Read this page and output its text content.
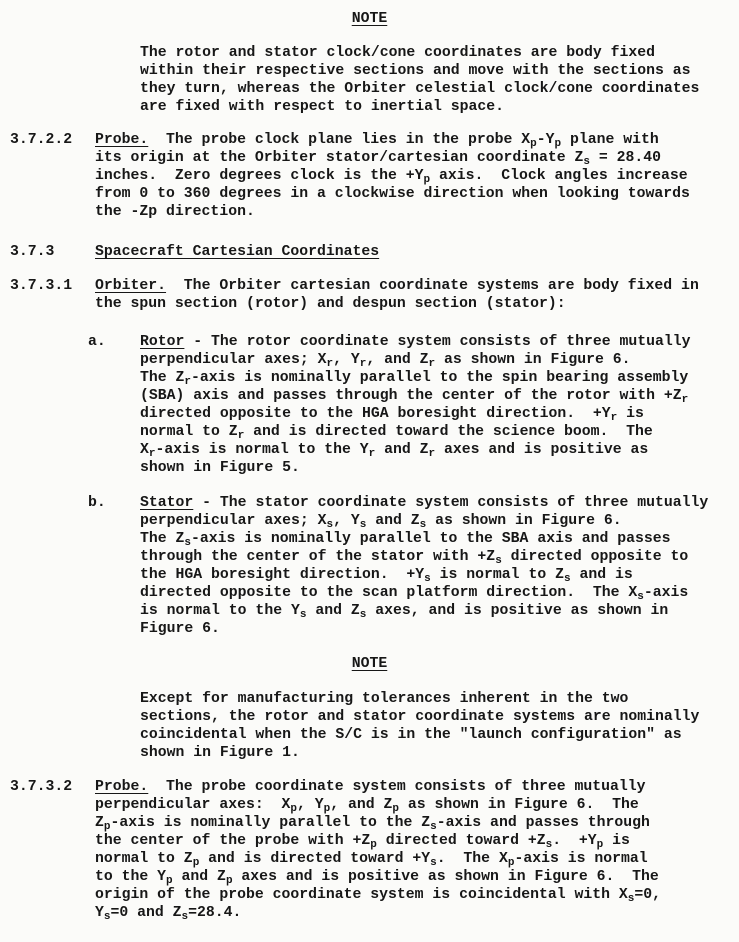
NOTE
The rotor and stator clock/cone coordinates are body fixed
within their respective sections and move with the sections as
they turn, whereas the Orbiter celestial clock/cone coordinates
are fixed with respect to inertial space.
3.7.2.2	Probe.  The probe clock plane lies in the probe $X_p-Y_p$ plane with
its origin at the Orbiter stator/cartesian coordinate $Z_s = 28.40$
inches.  Zero degrees clock is the $+Y_p$ axis.  Clock angles increase
from 0 to 360 degrees in a clockwise direction when looking towards
the -Zp direction.
3.7.3	Spacecraft Cartesian Coordinates
3.7.3.1	Orbiter.  The Orbiter cartesian coordinate systems are body fixed in
the spun section (rotor) and despun section (stator):
a.	Rotor - The rotor coordinate system consists of three mutually
perpendicular axes; $X_r$, $Y_r$, and $Z_r$ as shown in Figure 6.
The $Z_r$-axis is nominally parallel to the spin bearing assembly
(SBA) axis and passes through the center of the rotor with $+Z_r$
directed opposite to the HGA boresight direction.  $+Y_r$ is
normal to $Z_r$ and is directed toward the science boom.  The
$X_r$-axis is normal to the $Y_r$ and $Z_r$ axes and is positive as
shown in Figure 5.
b.	Stator - The stator coordinate system consists of three mutually
perpendicular axes; $X_s$, $Y_s$ and $Z_s$ as shown in Figure 6.
The $Z_s$-axis is nominally parallel to the SBA axis and passes
through the center of the stator with $+Z_s$ directed opposite to
the HGA boresight direction.  $+Y_s$ is normal to $Z_s$ and is
directed opposite to the scan platform direction.  The $X_s$-axis
is normal to the $Y_s$ and $Z_s$ axes, and is positive as shown in
Figure 6.
NOTE
Except for manufacturing tolerances inherent in the two
sections, the rotor and stator coordinate systems are nominally
coincidental when the S/C is in the "launch configuration" as
shown in Figure 1.
3.7.3.2	Probe.  The probe coordinate system consists of three mutually
perpendicular axes:  $X_p$, $Y_p$, and $Z_p$ as shown in Figure 6.  The
$Z_p$-axis is nominally parallel to the $Z_s$-axis and passes through
the center of the probe with $+Z_p$ directed toward $+Z_s$.  $+Y_p$ is
normal to $Z_p$ and is directed toward $+Y_s$.  The $X_p$-axis is normal
to the $Y_p$ and $Z_p$ axes and is positive as shown in Figure 6.  The
origin of the probe coordinate system is coincidental with $X_s=0$,
$Y_s=0$ and $Z_s=28.4$.
